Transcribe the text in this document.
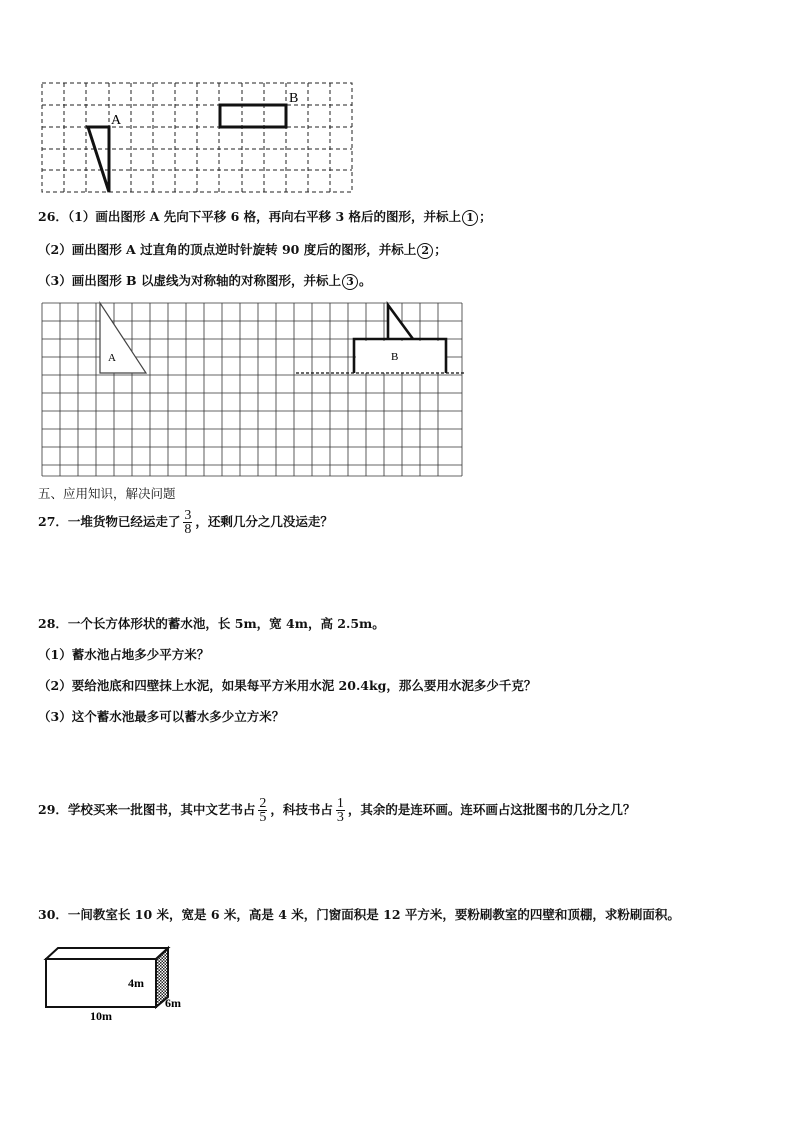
A
B
26．（1）画出图形 A 先向下平移 6 格，再向右平移 3 格后的图形，并标上 1 ；
（2）画出图形 A 过直角的顶点逆时针旋转 90 度后的图形，并标上 2 ；
（3）画出图形 B 以虚线为对称轴的对称图形，并标上 3 。
A	B
五、应用知识，解决问题
27．一堆货物已经运走了 $\frac{3}{8}$ ，还剩几分之几没运走？
28．一个长方体形状的蓄水池，长 5m，宽 4m，高 2.5m。
（1）蓄水池占地多少平方米？
（2）要给池底和四壁抹上水泥，如果每平方米用水泥 20.4kg，那么要用水泥多少千克？
（3）这个蓄水池最多可以蓄水多少立方米？
29．学校买来一批图书，其中文艺书占 $\frac{2}{5}$ ，科技书占 $\frac{1}{3}$ ，其余的是连环画。连环画占这批图书的几分之几？
30．一间教室长 10 米，宽是 6 米，高是 4 米，门窗面积是 12 平方米，要粉刷教室的四壁和顶棚，求粉刷面积。
4m
6m
10m
